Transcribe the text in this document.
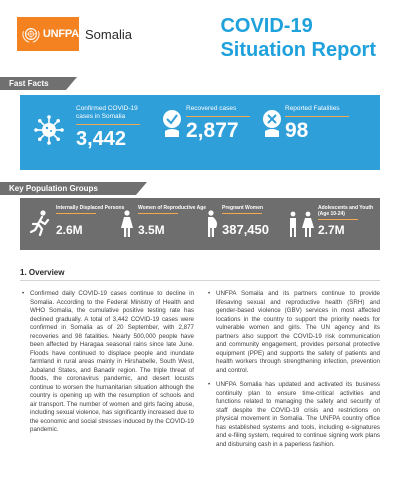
UNFPA Somalia	COVID-19
Situation Report
Fast Facts
Confirmed COVID-19 cases in Somalia
3,442
Recovered cases
2,877
Reported Fatalities
98
Key Population Groups
Internally Displaced Persons
2.6M
Women of Reproductive Age
3.5M
Pregnant Women
387,450
Adolescents and Youth (Age 10-24)
2.7M
1. Overview

• Confirmed daily COVID-19 cases continue to decline in Somalia. According to the Federal Ministry of Health and WHO Somalia, the cumulative positive testing rate has declined gradually. A total of 3,442 COVID-19 cases were confirmed in Somalia as of 20 September, with 2,877 recoveries and 98 fatalities. Nearly 500,000 people have been affected by Haragaa seasonal rains since late June. Floods have continued to displace people and inundate farmland in rural areas mainly in Hirshabelle, South West, Jubaland States, and Banadir region. The triple threat of floods, the coronavirus pandemic, and desert locusts continue to worsen the humanitarian situation although the country is opening up with the resumption of schools and air transport. The number of women and girls facing abuse, including sexual violence, has significantly increased due to the economic and social stresses induced by the COVID-19 pandemic.

• UNFPA Somalia and its partners continue to provide lifesaving sexual and reproductive health (SRH) and gender-based violence (GBV) services in most affected locations in the country to support the priority needs for vulnerable women and girls. The UN agency and its partners also support the COVID-19 risk communication and community engagement, provides personal protective equipment (PPE) and supports the safety of patients and health workers through strengthening infection, prevention and control.

• UNFPA Somalia has updated and activated its business continuity plan to ensure time-critical activities and functions related to managing the safety and security of staff despite the COVID-19 crisis and restrictions on physical movement in Somalia. The UNFPA country office has established systems and tools, including e-signatures and e-filing system, required to continue signing work plans and disbursing cash in a paperless fashion.
